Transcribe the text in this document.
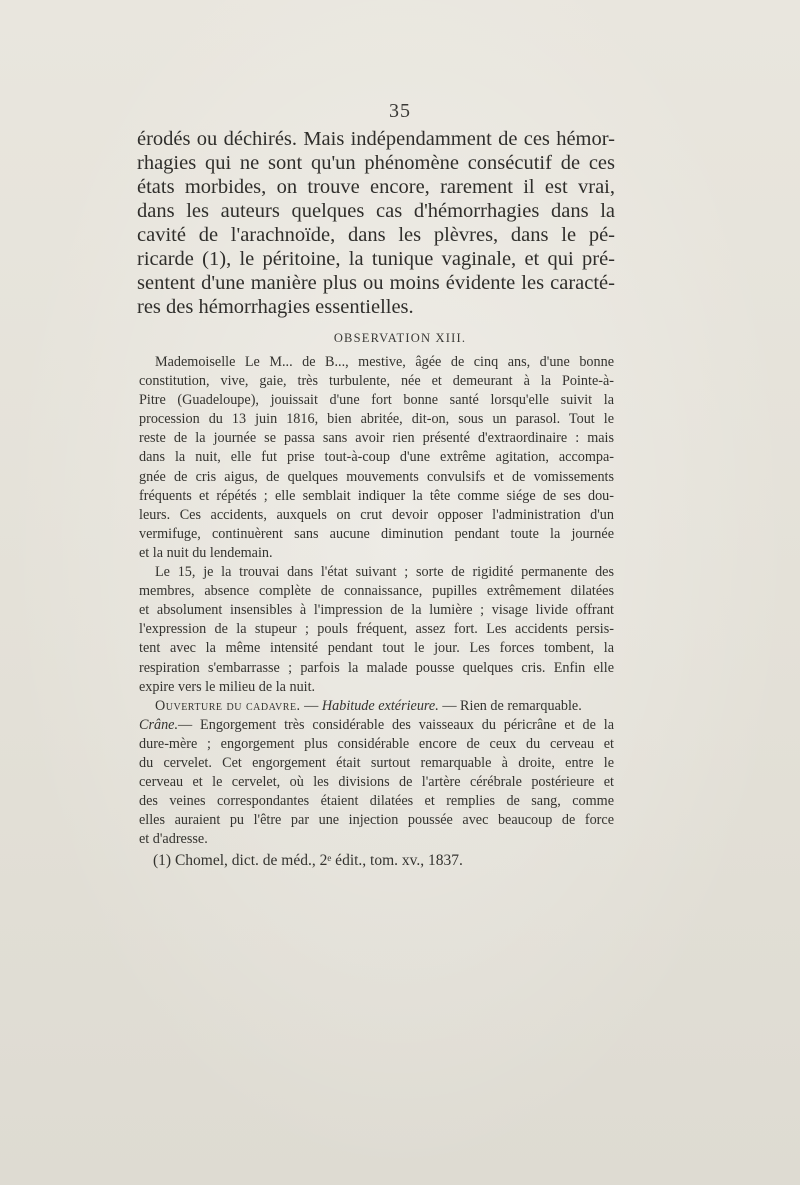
35
érodés ou déchirés. Mais indépendamment de ces hémor-
rhagies qui ne sont qu'un phénomène consécutif de ces
états morbides, on trouve encore, rarement il est vrai,
dans les auteurs quelques cas d'hémorrhagies dans la
cavité de l'arachnoïde, dans les plèvres, dans le pé-
ricarde (1), le péritoine, la tunique vaginale, et qui pré-
sentent d'une manière plus ou moins évidente les caracté-
res des hémorrhagies essentielles.
OBSERVATION XIII.
Mademoiselle Le M... de B..., mestive, âgée de cinq ans, d'une bonne
constitution, vive, gaie, très turbulente, née et demeurant à la Pointe-à-
Pitre (Guadeloupe), jouissait d'une fort bonne santé lorsqu'elle suivit la
procession du 13 juin 1816, bien abritée, dit-on, sous un parasol. Tout le
reste de la journée se passa sans avoir rien présenté d'extraordinaire : mais
dans la nuit, elle fut prise tout-à-coup d'une extrême agitation, accompa-
gnée de cris aigus, de quelques mouvements convulsifs et de vomissements
fréquents et répétés ; elle semblait indiquer la tête comme siége de ses dou-
leurs. Ces accidents, auxquels on crut devoir opposer l'administration d'un
vermifuge, continuèrent sans aucune diminution pendant toute la journée
et la nuit du lendemain.
Le 15, je la trouvai dans l'état suivant ; sorte de rigidité permanente des
membres, absence complète de connaissance, pupilles extrêmement dilatées
et absolument insensibles à l'impression de la lumière ; visage livide offrant
l'expression de la stupeur ; pouls fréquent, assez fort. Les accidents persis-
tent avec la même intensité pendant tout le jour. Les forces tombent, la
respiration s'embarrasse ; parfois la malade pousse quelques cris. Enfin elle
expire vers le milieu de la nuit.
Ouverture du cadavre. — Habitude extérieure. — Rien de remarquable.
Crâne.— Engorgement très considérable des vaisseaux du péricrâne et de la
dure-mère ; engorgement plus considérable encore de ceux du cerveau et
du cervelet. Cet engorgement était surtout remarquable à droite, entre le
cerveau et le cervelet, où les divisions de l'artère cérébrale postérieure et
des veines correspondantes étaient dilatées et remplies de sang, comme
elles auraient pu l'être par une injection poussée avec beaucoup de force
et d'adresse.
(1) Chomel, dict. de méd., 2ᵉ édit., tom. xv., 1837.
